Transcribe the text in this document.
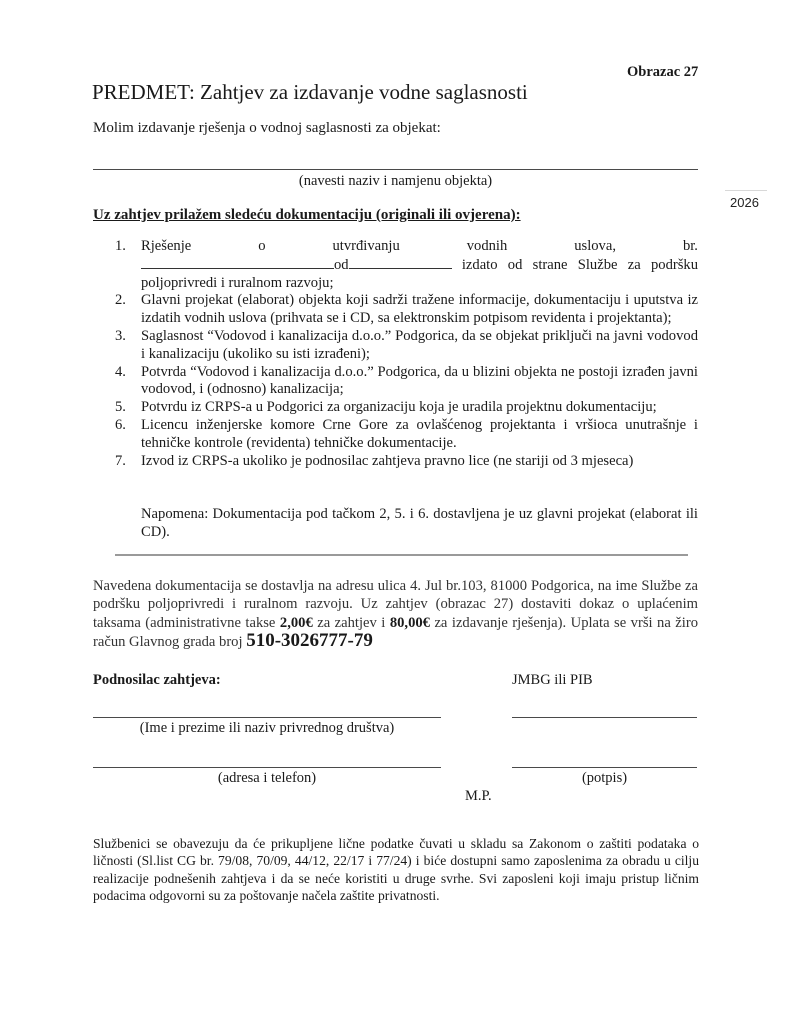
Obrazac 27
PREDMET: Zahtjev za izdavanje vodne saglasnosti
Molim izdavanje rješenja o vodnoj saglasnosti za objekat:
(navesti naziv i namjenu objekta)
2026
Uz zahtjev prilažem sledeću dokumentaciju (originali ili ovjerena):
1. Rješenje	o	utvrđivanju	vodnih	uslova,	br.
od	izdato od strane Službe za podršku poljoprivredi i ruralnom razvoju;
2. Glavni projekat (elaborat) objekta koji sadrži tražene informacije, dokumentaciju i uputstva iz izdatih vodnih uslova (prihvata se i CD, sa elektronskim potpisom revidenta i projektanta);
3. Saglasnost “Vodovod i kanalizacija d.o.o.” Podgorica, da se objekat priključi na javni vodovod i kanalizaciju (ukoliko su isti izrađeni);
4. Potvrda “Vodovod i kanalizacija d.o.o.” Podgorica, da u blizini objekta ne postoji izrađen javni vodovod, i (odnosno) kanalizacija;
5. Potvrdu iz CRPS-a u Podgorici za organizaciju koja je uradila projektnu dokumentaciju;
6. Licencu inženjerske komore Crne Gore za ovlašćenog projektanta i vršioca unutrašnje i tehničke kontrole (revidenta) tehničke dokumentacije.
7. Izvod iz CRPS-a ukoliko je podnosilac zahtjeva pravno lice (ne stariji od 3 mjeseca)
Napomena: Dokumentacija pod tačkom 2, 5. i 6. dostavljena je uz glavni projekat (elaborat ili CD).
Navedena dokumentacija se dostavlja na adresu ulica 4. Jul br.103, 81000 Podgorica, na ime Službe za podršku poljoprivredi i ruralnom razvoju. Uz zahtjev (obrazac 27) dostaviti dokaz o uplaćenim taksama (administrativne takse 2,00€ za zahtjev i 80,00€ za izdavanje rješenja). Uplata se vrši na žiro račun Glavnog grada broj 510-3026777-79
Podnosilac zahtjeva:	JMBG ili PIB
(Ime i prezime ili naziv privrednog društva)
(adresa i telefon)	(potpis)
M.P.
Službenici se obavezuju da će prikupljene lične podatke čuvati u skladu sa Zakonom o zaštiti podataka o ličnosti (Sl.list CG br. 79/08, 70/09, 44/12, 22/17 i 77/24) i biće dostupni samo zaposlenima za obradu u cilju realizacije podnešenih zahtjeva i da se neće koristiti u druge svrhe. Svi zaposleni koji imaju pristup ličnim podacima odgovorni su za poštovanje načela zaštite privatnosti.
